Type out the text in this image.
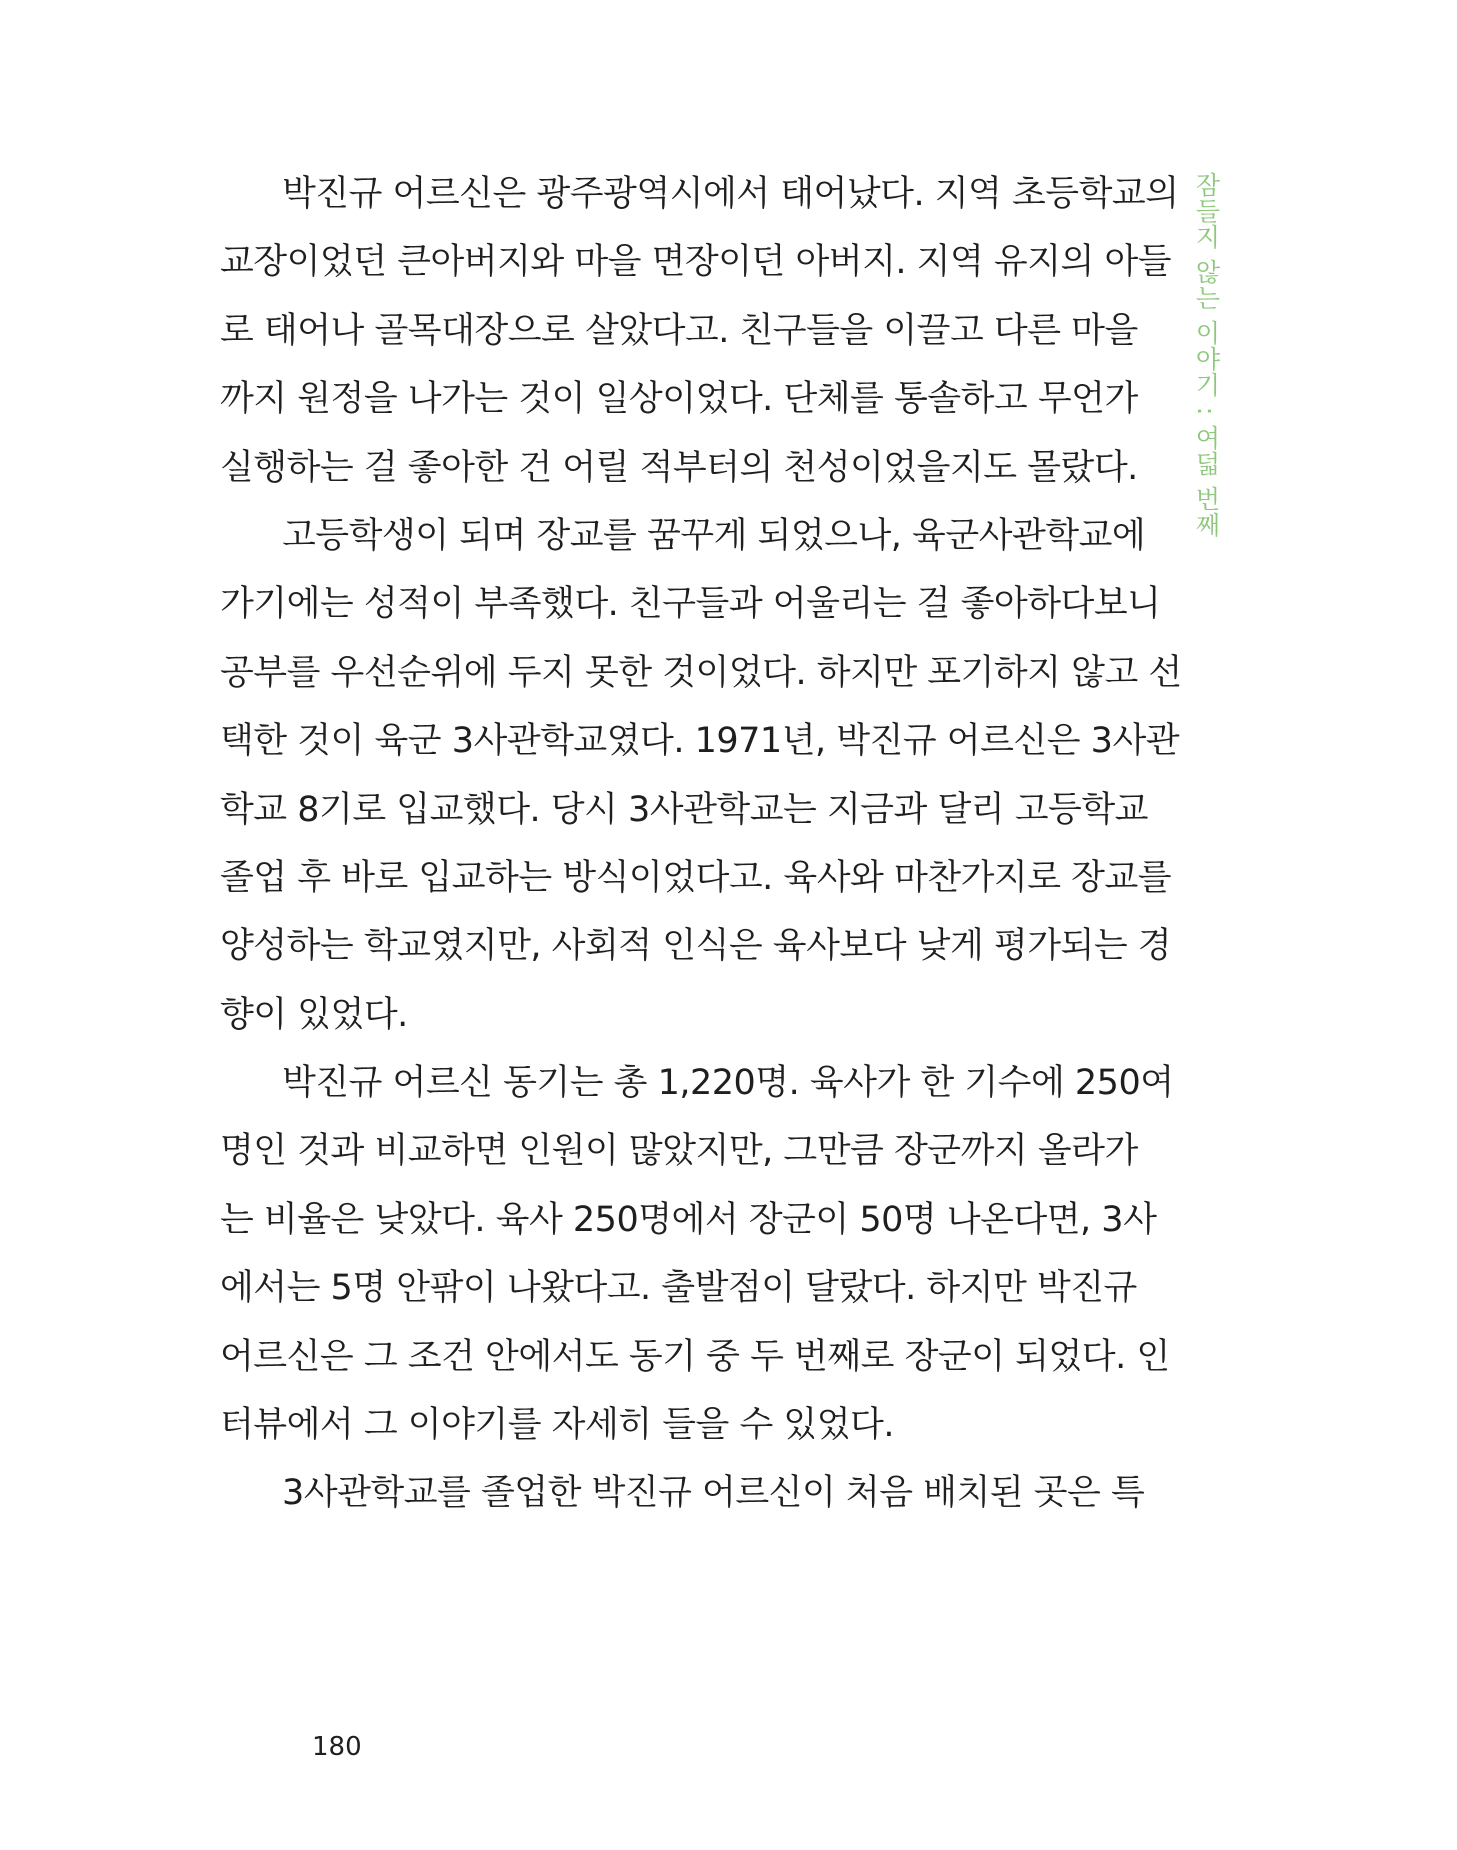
박진규 어르신은 광주광역시에서 태어났다. 지역 초등학교의
교장이었던 큰아버지와 마을 면장이던 아버지. 지역 유지의 아들
로 태어나 골목대장으로 살았다고. 친구들을 이끌고 다른 마을
까지 원정을 나가는 것이 일상이었다. 단체를 통솔하고 무언가
실행하는 걸 좋아한 건 어릴 적부터의 천성이었을지도 몰랐다.
고등학생이 되며 장교를 꿈꾸게 되었으나, 육군사관학교에
가기에는 성적이 부족했다. 친구들과 어울리는 걸 좋아하다보니
공부를 우선순위에 두지 못한 것이었다. 하지만 포기하지 않고 선
택한 것이 육군 3사관학교였다. 1971년, 박진규 어르신은 3사관
학교 8기로 입교했다. 당시 3사관학교는 지금과 달리 고등학교
졸업 후 바로 입교하는 방식이었다고. 육사와 마찬가지로 장교를
양성하는 학교였지만, 사회적 인식은 육사보다 낮게 평가되는 경
향이 있었다.
박진규 어르신 동기는 총 1,220명. 육사가 한 기수에 250여
명인 것과 비교하면 인원이 많았지만, 그만큼 장군까지 올라가
는 비율은 낮았다. 육사 250명에서 장군이 50명 나온다면, 3사
에서는 5명 안팎이 나왔다고. 출발점이 달랐다. 하지만 박진규
어르신은 그 조건 안에서도 동기 중 두 번째로 장군이 되었다. 인
터뷰에서 그 이야기를 자세히 들을 수 있었다.
3사관학교를 졸업한 박진규 어르신이 처음 배치된 곳은 특
잠들지 않는 이야기 : 여덟 번째
180
